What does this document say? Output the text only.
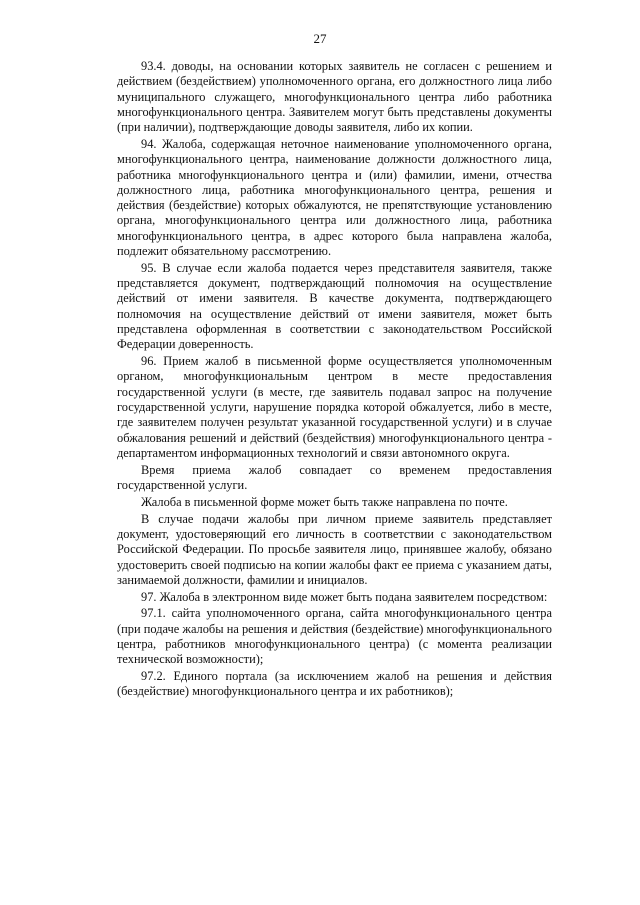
27

93.4. доводы, на основании которых заявитель не согласен с решением и действием (бездействием) уполномоченного органа, его должностного лица либо муниципального служащего, многофункционального центра либо работника многофункционального центра. Заявителем могут быть представлены документы (при наличии), подтверждающие доводы заявителя, либо их копии.

94. Жалоба, содержащая неточное наименование уполномоченного органа, многофункционального центра, наименование должности должностного лица, работника многофункционального центра и (или) фамилии, имени, отчества должностного лица, работника многофункционального центра, решения и действия (бездействие) которых обжалуются, не препятствующие установлению органа, многофункционального центра или должностного лица, работника многофункционального центра, в адрес которого была направлена жалоба, подлежит обязательному рассмотрению.

95. В случае если жалоба подается через представителя заявителя, также представляется документ, подтверждающий полномочия на осуществление действий от имени заявителя. В качестве документа, подтверждающего полномочия на осуществление действий от имени заявителя, может быть представлена оформленная в соответствии с законодательством Российской Федерации доверенность.

96. Прием жалоб в письменной форме осуществляется уполномоченным органом, многофункциональным центром в месте предоставления государственной услуги (в месте, где заявитель подавал запрос на получение государственной услуги, нарушение порядка которой обжалуется, либо в месте, где заявителем получен результат указанной государственной услуги) и в случае обжалования решений и действий (бездействия) многофункционального центра - департаментом информационных технологий и связи автономного округа.

Время приема жалоб совпадает со временем предоставления государственной услуги.

Жалоба в письменной форме может быть также направлена по почте.

В случае подачи жалобы при личном приеме заявитель представляет документ, удостоверяющий его личность в соответствии с законодательством Российской Федерации. По просьбе заявителя лицо, принявшее жалобу, обязано удостоверить своей подписью на копии жалобы факт ее приема с указанием даты, занимаемой должности, фамилии и инициалов.

97. Жалоба в электронном виде может быть подана заявителем посредством:

97.1. сайта уполномоченного органа, сайта многофункционального центра (при подаче жалобы на решения и действия (бездействие) многофункционального центра, работников многофункционального центра) (с момента реализации технической возможности);

97.2. Единого портала (за исключением жалоб на решения и действия (бездействие) многофункционального центра и их работников);
